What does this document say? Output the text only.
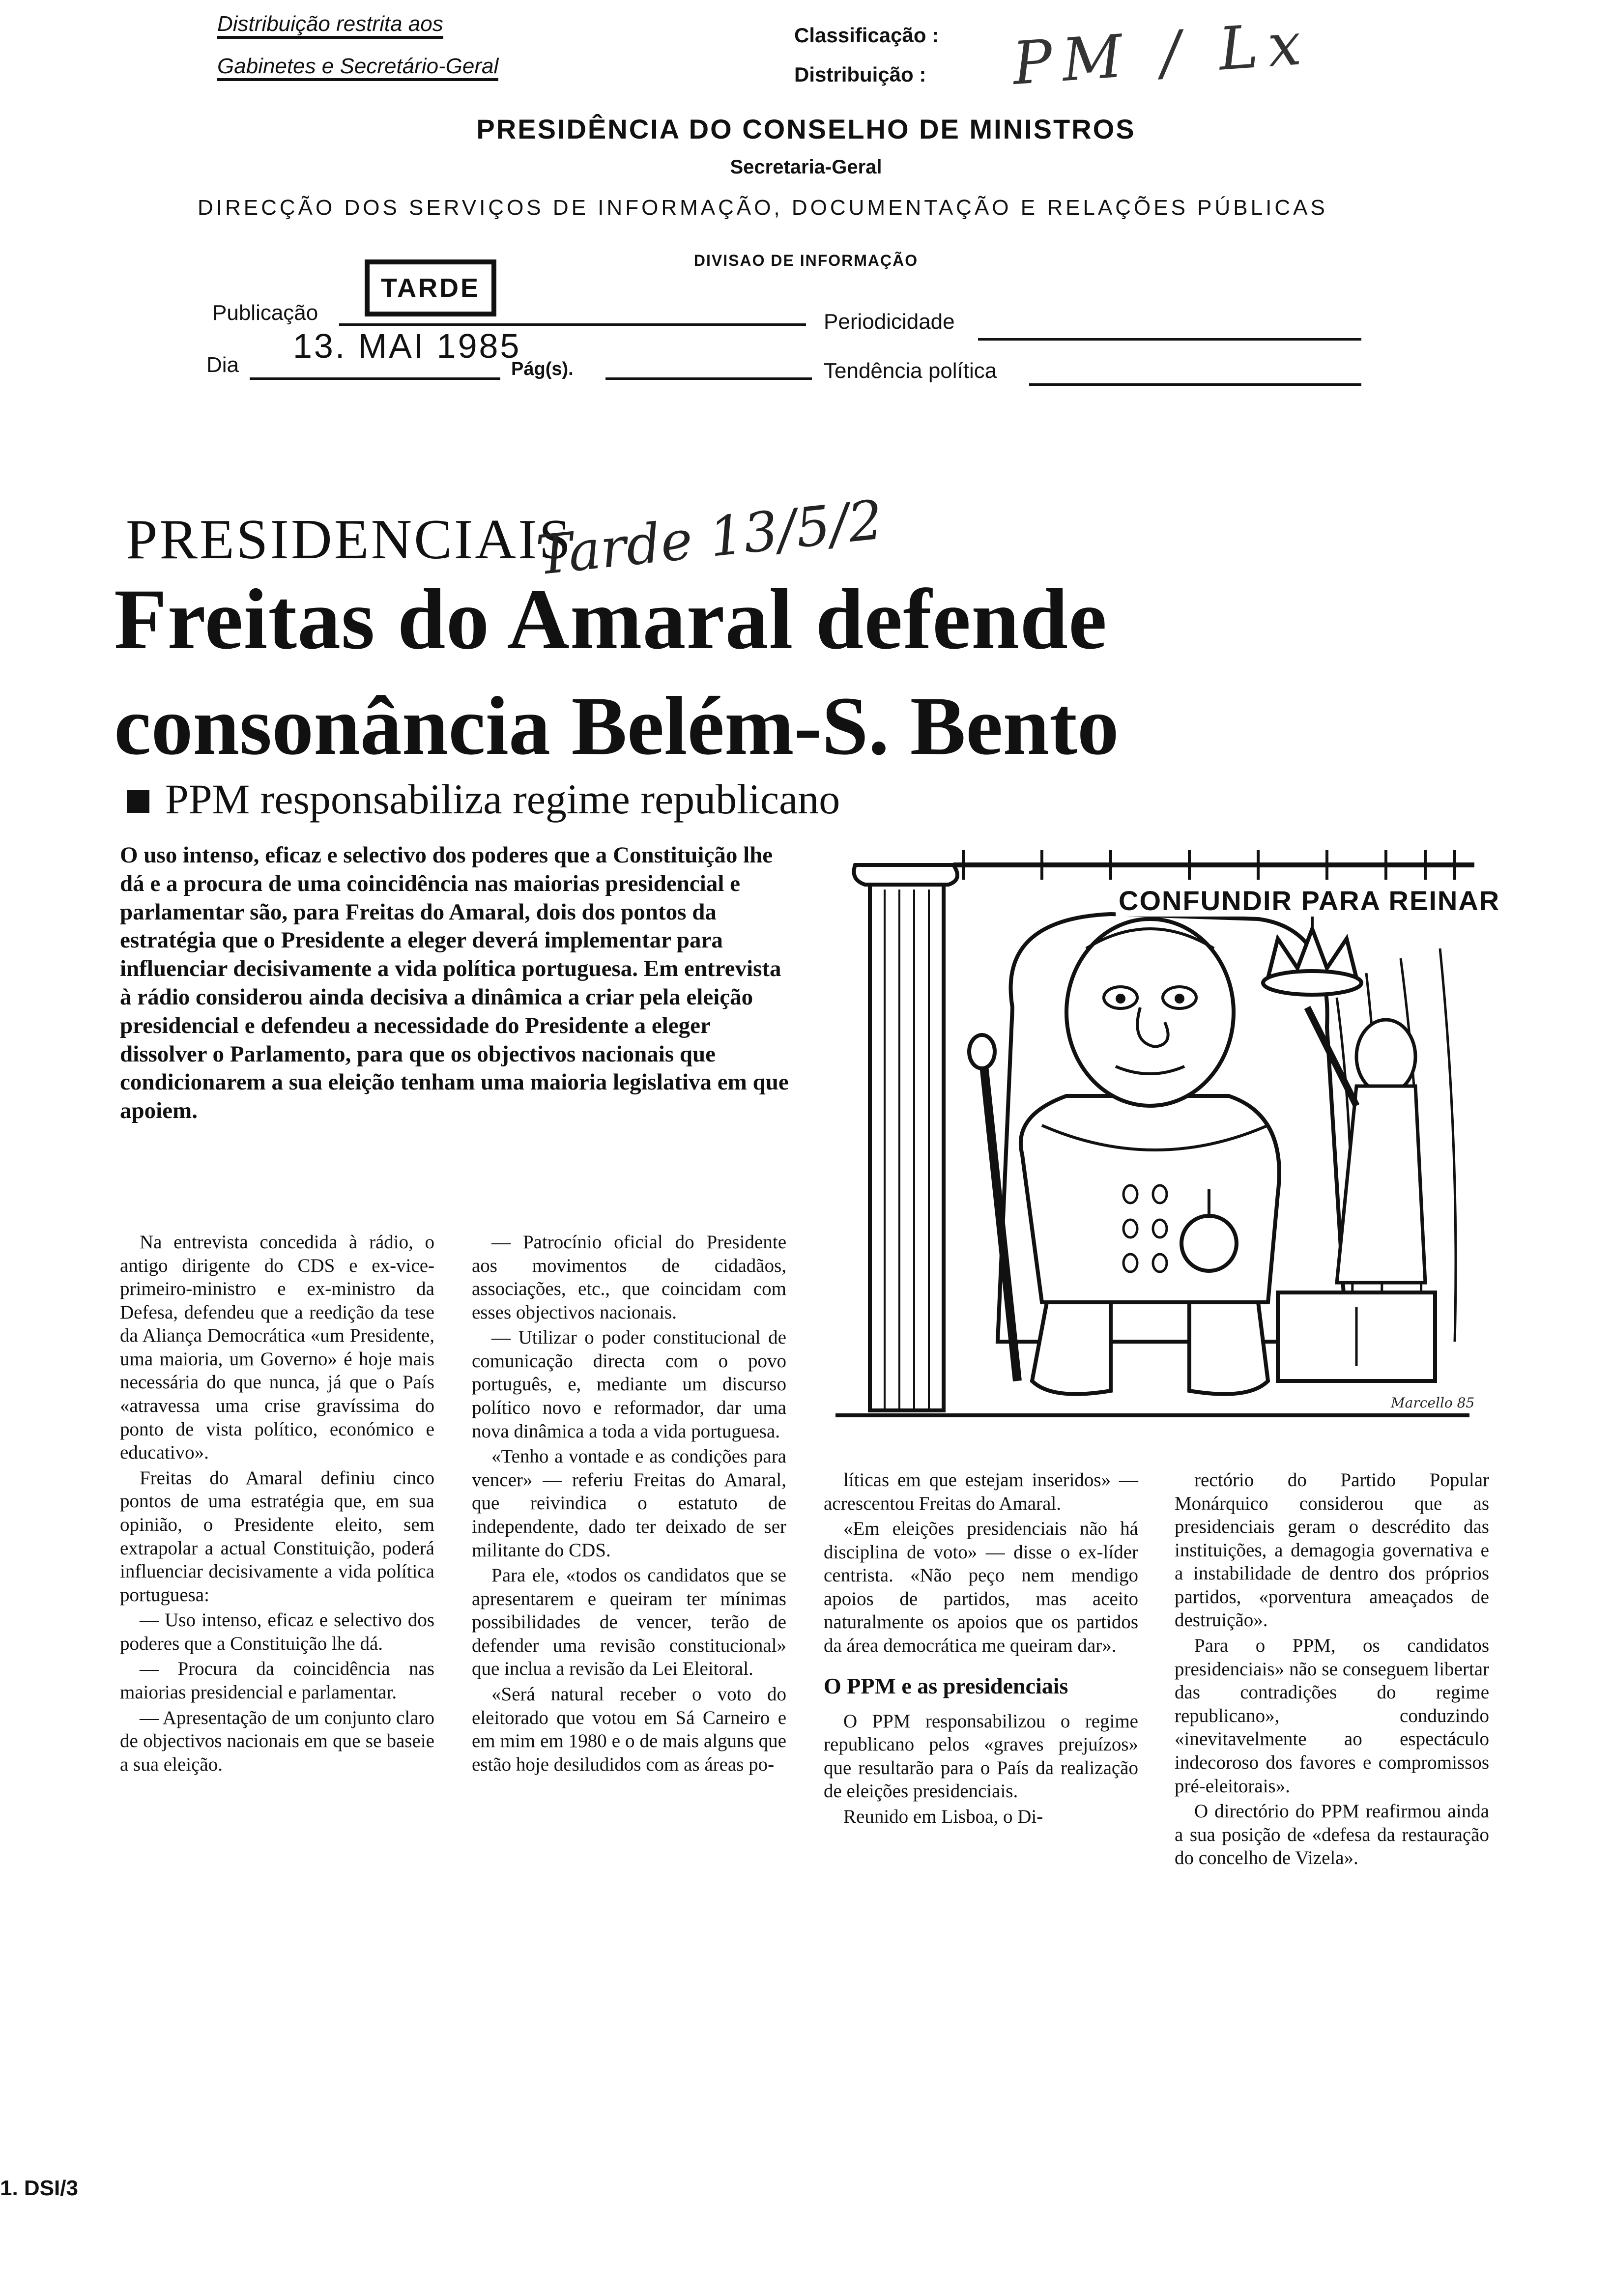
Distribuição restrita aos
Gabinetes e Secretário-Geral
Classificação :
Distribuição : PM / Lx
PRESIDÊNCIA DO CONSELHO DE MINISTROS
Secretaria-Geral
DIRECÇÃO DOS SERVIÇOS DE INFORMAÇÃO, DOCUMENTAÇÃO E RELAÇÕES PÚBLICAS
DIVISAO DE INFORMAÇÃO
Publicação
TARDE
Periodicidade
Dia 13. MAI 1985
Pág(s).	Tendência política
PRESIDENCIAIS
Tarde 13/5/2
Freitas do Amaral defende
consonância Belém-S. Bento
PPM responsabiliza regime republicano
O uso intenso, eficaz e selectivo dos poderes que a Constituição lhe dá e a procura de uma coincidência nas maiorias presidencial e parlamentar são, para Freitas do Amaral, dois dos pontos da estratégia que o Presidente a eleger deverá implementar para influenciar decisivamente a vida política portuguesa. Em entrevista à rádio considerou ainda decisiva a dinâmica a criar pela eleição presidencial e defendeu a necessidade do Presidente a eleger dissolver o Parlamento, para que os objectivos nacionais que condicionarem a sua eleição tenham uma maioria legislativa em que apoiem.
CONFUNDIR PARA REINAR
Marcello 85

Na entrevista concedida à rádio, o antigo dirigente do CDS e ex-vice-primeiro-ministro e ex-ministro da Defesa, defendeu que a reedição da tese da Aliança Democrática «um Presidente, uma maioria, um Governo» é hoje mais necessária do que nunca, já que o País «atravessa uma crise gravíssima do ponto de vista político, económico e educativo».

Freitas do Amaral definiu cinco pontos de uma estratégia que, em sua opinião, o Presidente eleito, sem extrapolar a actual Constituição, poderá influenciar decisivamente a vida política portuguesa:

— Uso intenso, eficaz e selectivo dos poderes que a Constituição lhe dá.

— Procura da coincidência nas maiorias presidencial e parlamentar.

— Apresentação de um conjunto claro de objectivos nacionais em que se baseie a sua eleição.

— Patrocínio oficial do Presidente aos movimentos de cidadãos, associações, etc., que coincidam com esses objectivos nacionais.

— Utilizar o poder constitucional de comunicação directa com o povo português, e, mediante um discurso político novo e reformador, dar uma nova dinâmica a toda a vida portuguesa.

«Tenho a vontade e as condições para vencer» — referiu Freitas do Amaral, que reivindica o estatuto de independente, dado ter deixado de ser militante do CDS.

Para ele, «todos os candidatos que se apresentarem e queiram ter mínimas possibilidades de vencer, terão de defender uma revisão constitucional» que inclua a revisão da Lei Eleitoral.

«Será natural receber o voto do eleitorado que votou em Sá Carneiro e em mim em 1980 e o de mais alguns que estão hoje desiludidos com as áreas po-

líticas em que estejam inseridos» — acrescentou Freitas do Amaral.

«Em eleições presidenciais não há disciplina de voto» — disse o ex-líder centrista. «Não peço nem mendigo apoios de partidos, mas aceito naturalmente os apoios que os partidos da área democrática me queiram dar».

O PPM e as presidenciais

O PPM responsabilizou o regime republicano pelos «graves prejuízos» que resultarão para o País da realização de eleições presidenciais.

Reunido em Lisboa, o Di-

rectório do Partido Popular Monárquico considerou que as presidenciais geram o descrédito das instituições, a demagogia governativa e a instabilidade de dentro dos próprios partidos, «porventura ameaçados de destruição».

Para o PPM, os candidatos presidenciais» não se conseguem libertar das contradições do regime republicano», conduzindo «inevitavelmente ao espectáculo indecoroso dos favores e compromissos pré-eleitorais».

O directório do PPM reafirmou ainda a sua posição de «defesa da restauração do concelho de Vizela».

1. DSI/3
